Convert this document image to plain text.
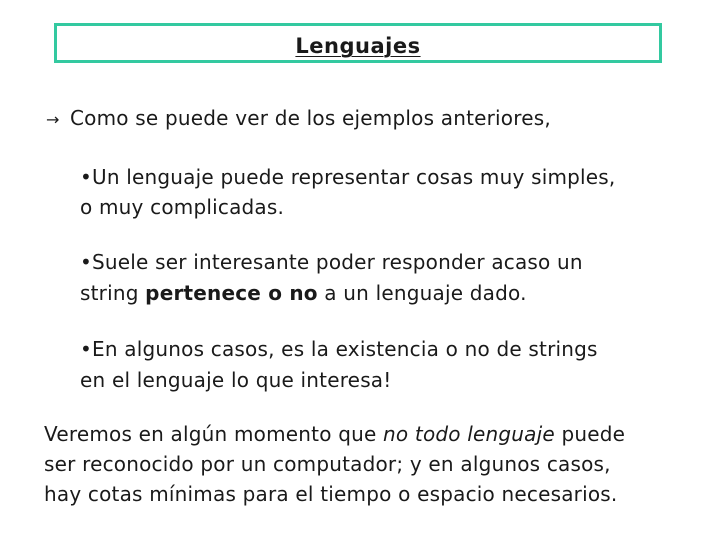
Lenguajes
→ Como se puede ver de los ejemplos anteriores,
•Un lenguaje puede representar cosas muy simples,
o muy complicadas.
•Suele ser interesante poder responder acaso un
string pertenece o no a un lenguaje dado.
•En algunos casos, es la existencia o no de strings
en el lenguaje lo que interesa!
Veremos en algún momento que no todo lenguaje puede
ser reconocido por un computador; y en algunos casos,
hay cotas mínimas para el tiempo o espacio necesarios.
